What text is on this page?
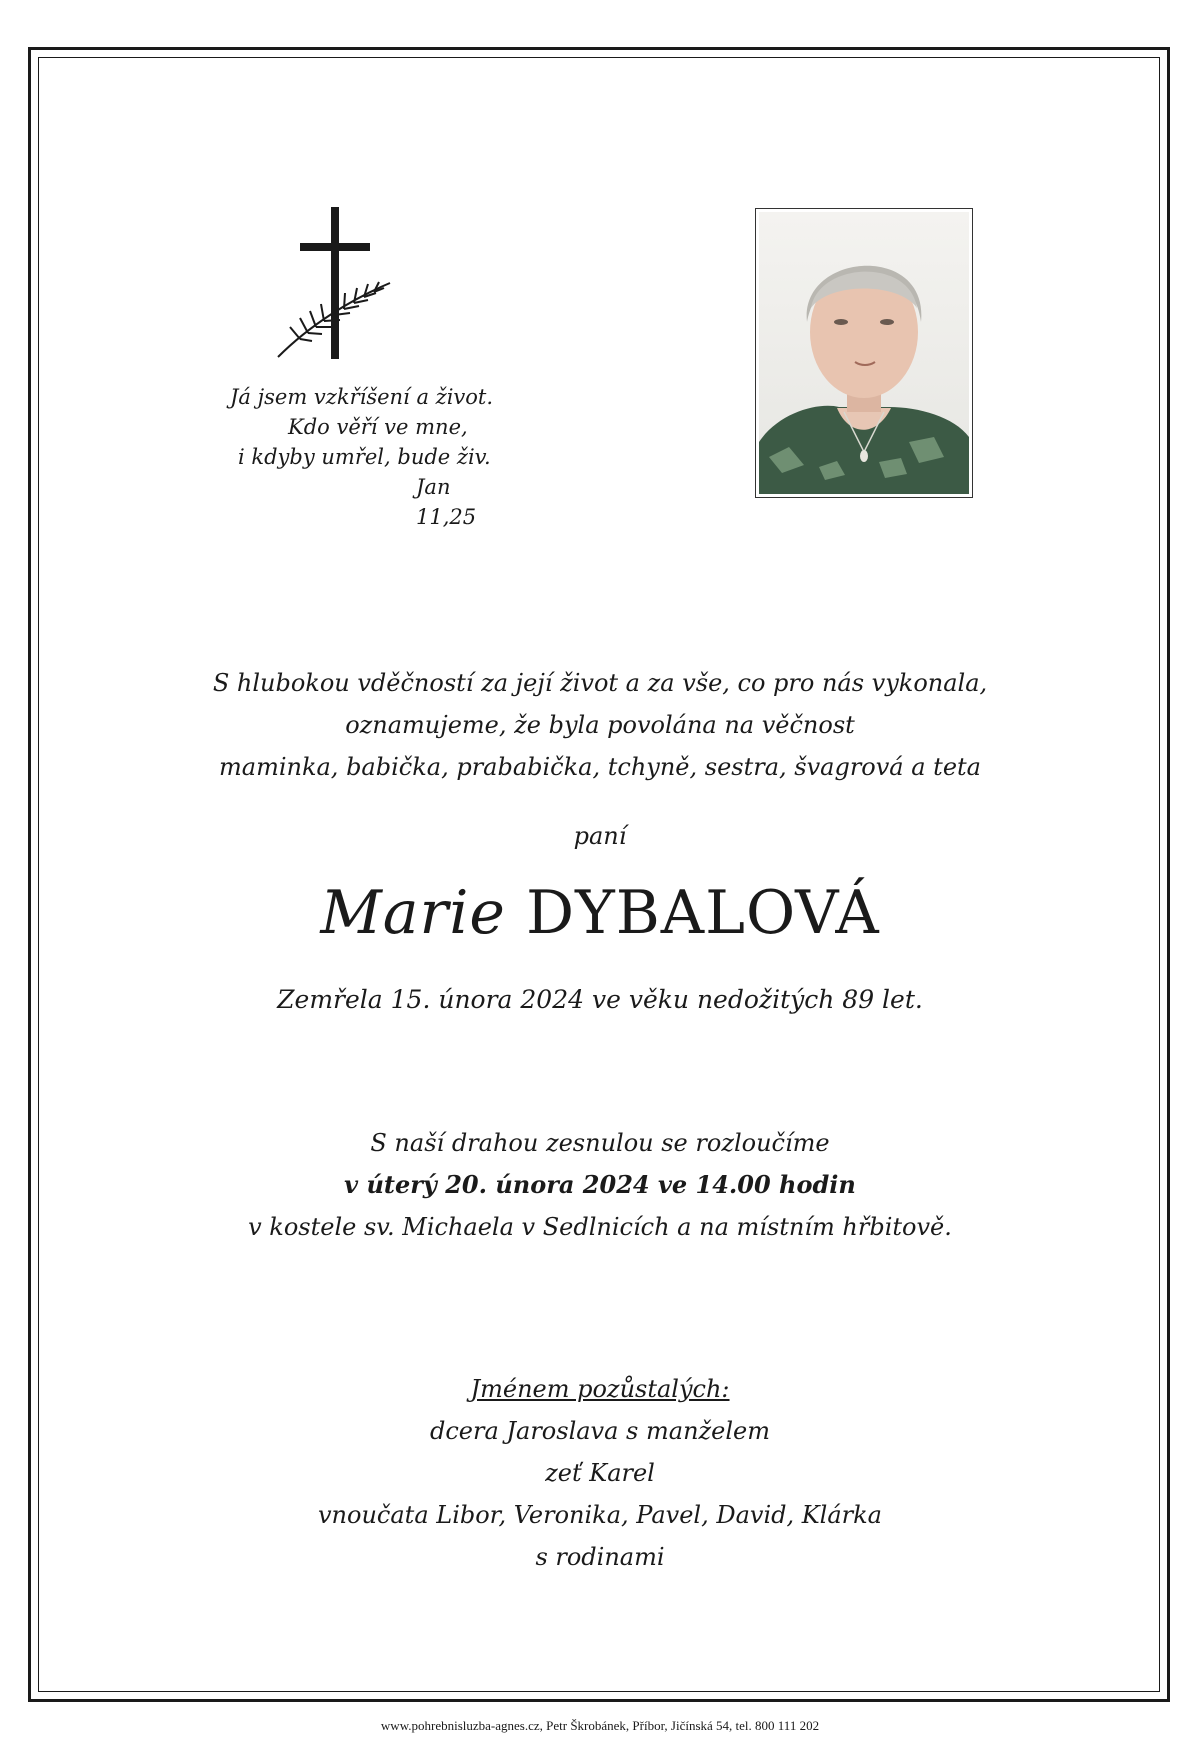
Já jsem vzkříšení a život.
Kdo věří ve mne,
i kdyby umřel, bude živ.
Jan 11,25
S hlubokou vděčností za její život a za vše, co pro nás vykonala,
oznamujeme, že byla povolána na věčnost
maminka, babička, prababička, tchyně, sestra, švagrová a teta
paní
Marie DYBALOVÁ
Zemřela 15. února 2024 ve věku nedožitých 89 let.
S naší drahou zesnulou se rozloučíme
v úterý 20. února 2024 ve 14.00 hodin
v kostele sv. Michaela v Sedlnicích a na místním hřbitově.
Jménem pozůstalých:
dcera Jaroslava s manželem
zeť Karel
vnoučata Libor, Veronika, Pavel, David, Klárka
s rodinami
www.pohrebnisluzba-agnes.cz, Petr Škrobánek, Příbor, Jičínská 54, tel. 800 111 202
